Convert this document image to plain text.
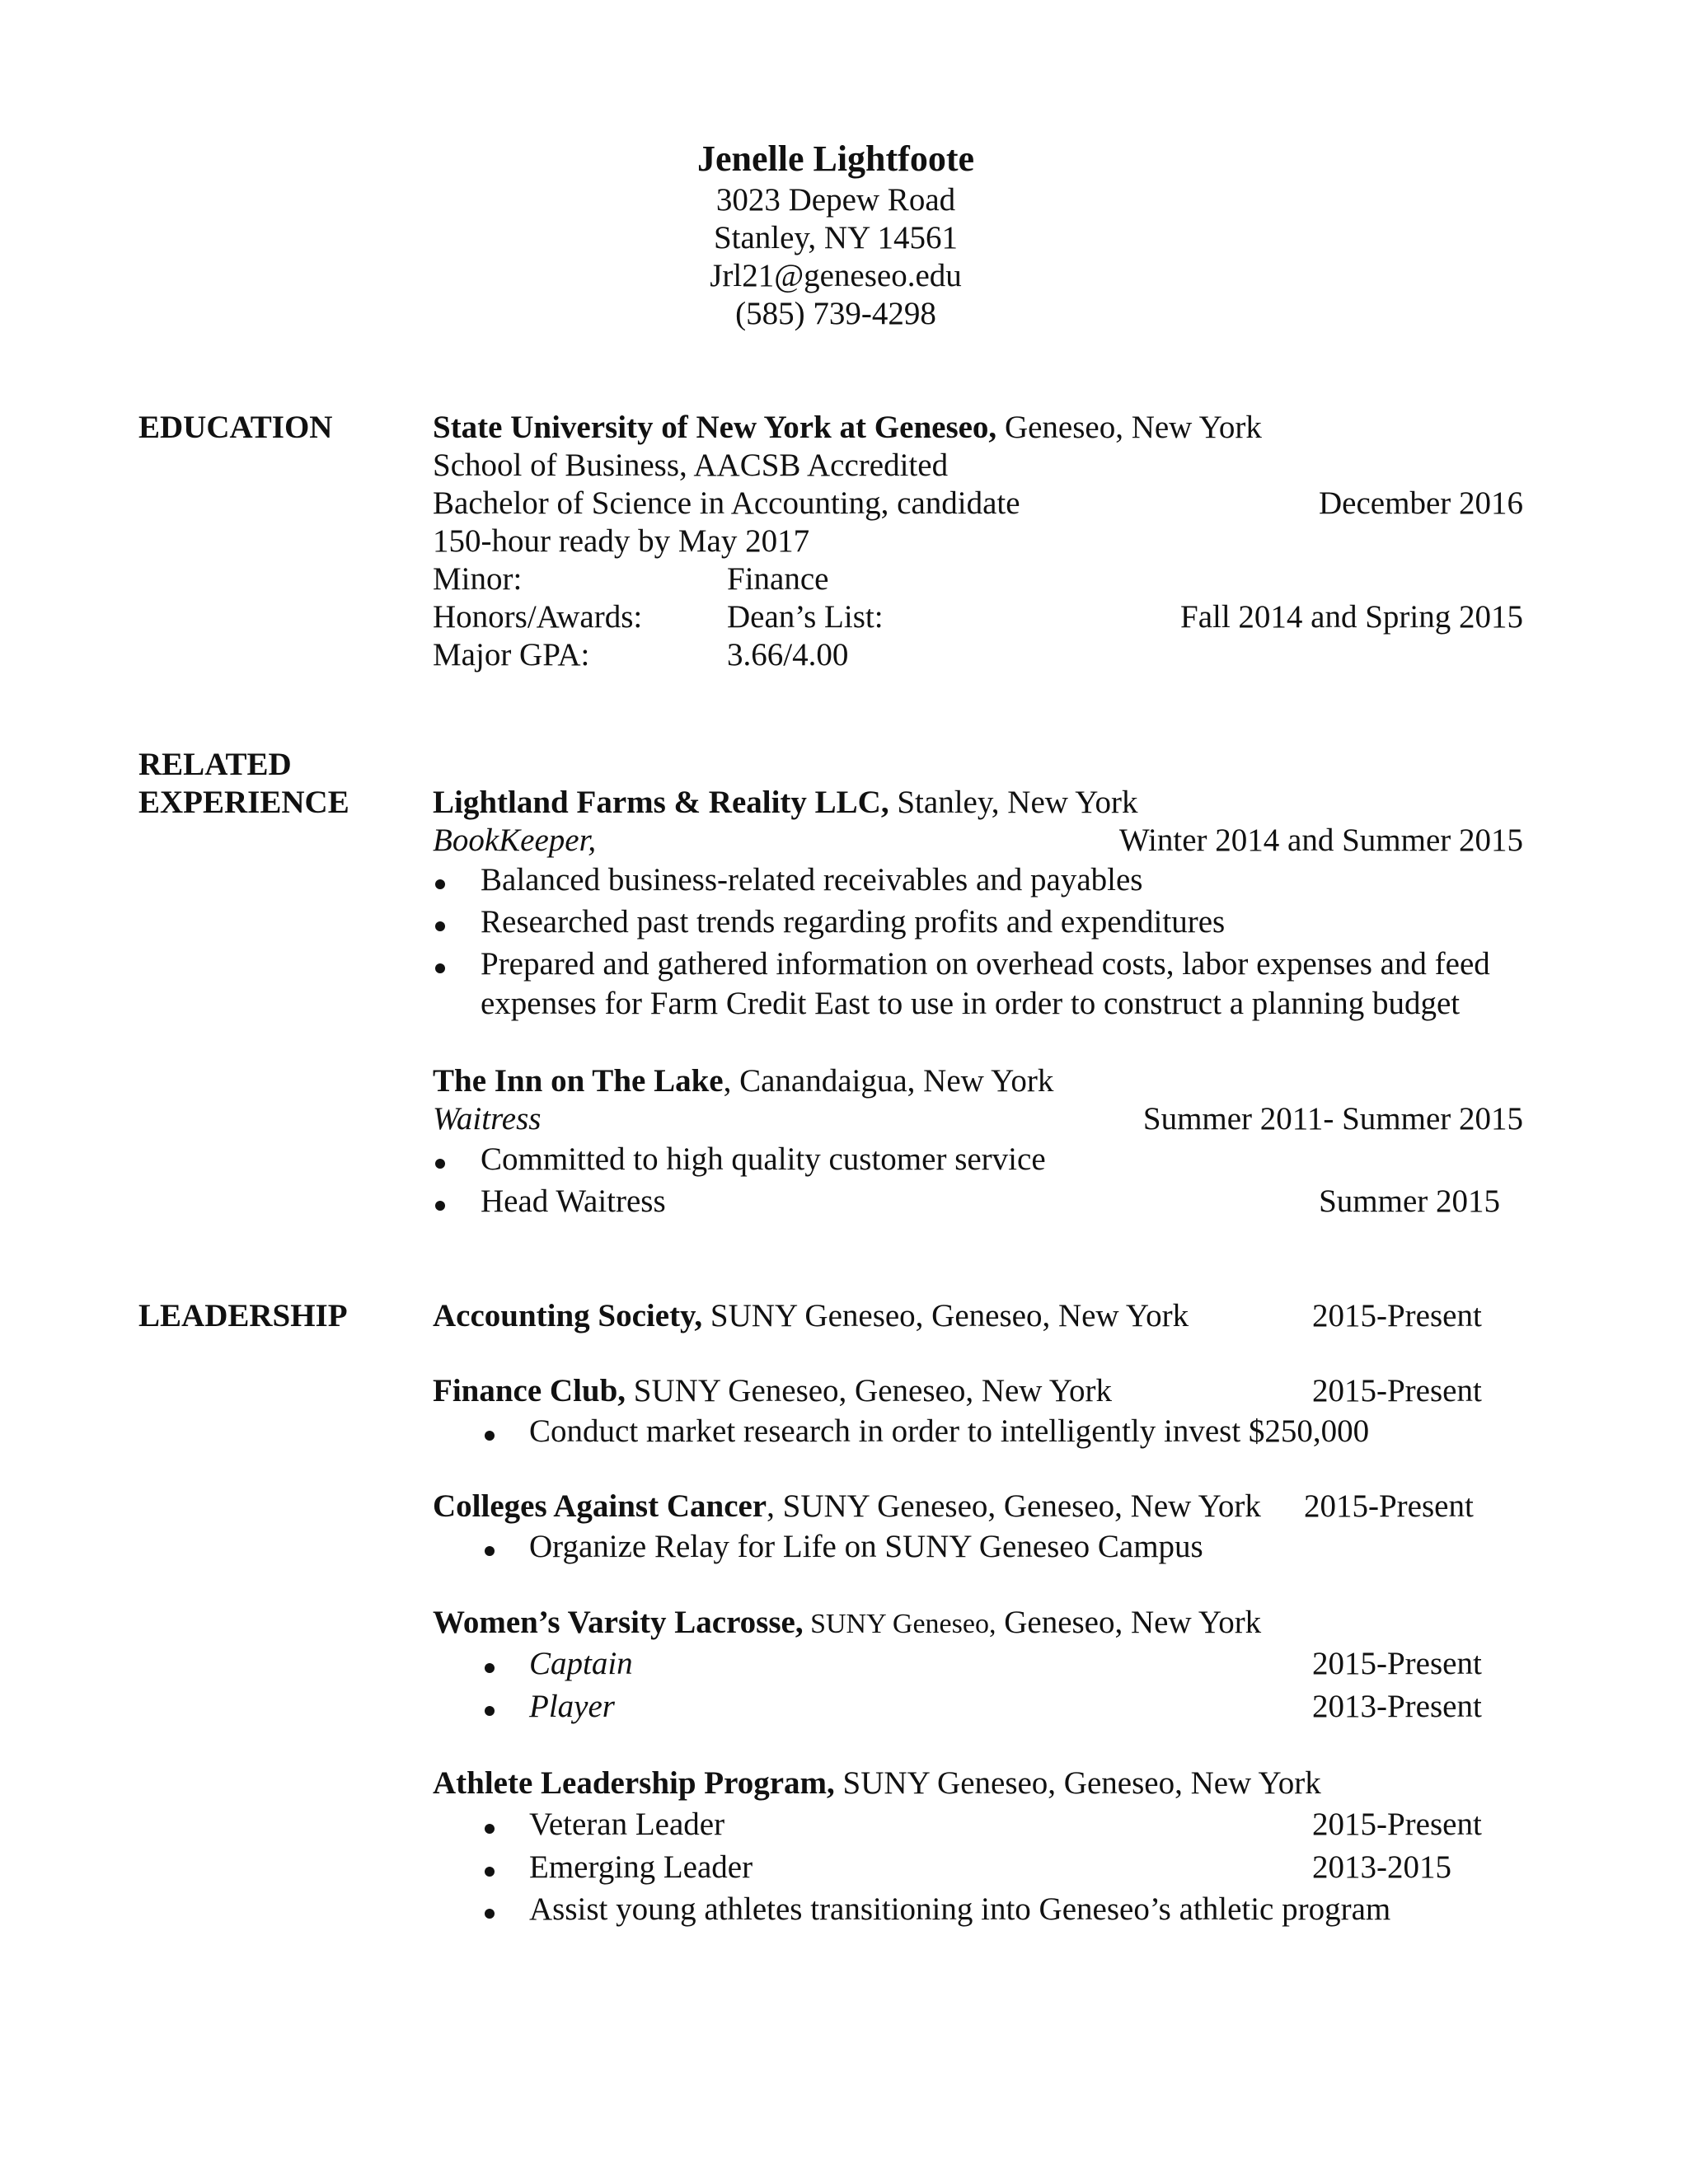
Jenelle Lightfoote
3023 Depew Road
Stanley, NY 14561
Jrl21@geneseo.edu
(585) 739-4298
EDUCATION	State University of New York at Geneseo, Geneseo, New York
School of Business, AACSB Accredited
Bachelor of Science in Accounting, candidate	December 2016
150-hour ready by May 2017
Minor:	Finance
Honors/Awards:	Dean’s List:	Fall 2014 and Spring 2015
Major GPA:	3.66/4.00
RELATED
EXPERIENCE	Lightland Farms & Reality LLC, Stanley, New York
BookKeeper,	Winter 2014 and Summer 2015
Balanced business-related receivables and payables
Researched past trends regarding profits and expenditures
Prepared and gathered information on overhead costs, labor expenses and feed
expenses for Farm Credit East to use in order to construct a planning budget
The Inn on The Lake, Canandaigua, New York
Waitress	Summer 2011- Summer 2015
Committed to high quality customer service
Head Waitress	Summer 2015
LEADERSHIP	Accounting Society, SUNY Geneseo, Geneseo, New York	2015-Present
Finance Club, SUNY Geneseo, Geneseo, New York	2015-Present
Conduct market research in order to intelligently invest $250,000
Colleges Against Cancer, SUNY Geneseo, Geneseo, New York 2015-Present
Organize Relay for Life on SUNY Geneseo Campus
Women’s Varsity Lacrosse, SUNY Geneseo, Geneseo, New York
Captain	2015-Present
Player	2013-Present
Athlete Leadership Program, SUNY Geneseo, Geneseo, New York
Veteran Leader	2015-Present
Emerging Leader	2013-2015
Assist young athletes transitioning into Geneseo’s athletic program
